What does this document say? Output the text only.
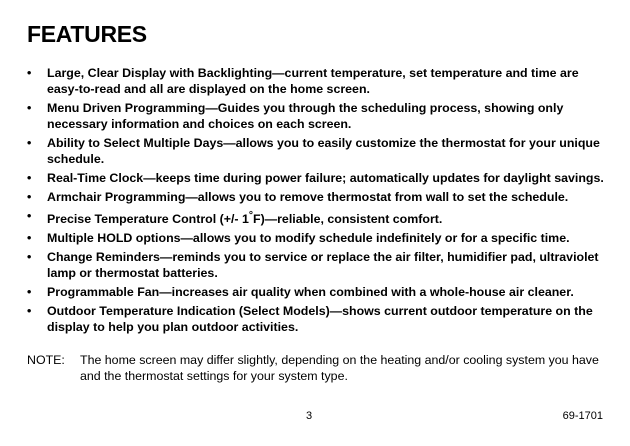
FEATURES
• Large, Clear Display with Backlighting—current temperature, set temperature and time are easy-to-read and all are displayed on the home screen.
• Menu Driven Programming—Guides you through the scheduling process, showing only necessary information and choices on each screen.
• Ability to Select Multiple Days—allows you to easily customize the thermostat for your unique schedule.
• Real-Time Clock—keeps time during power failure; automatically updates for daylight savings.
• Armchair Programming—allows you to remove thermostat from wall to set the schedule.
• Precise Temperature Control (+/- 1°F)—reliable, consistent comfort.
• Multiple HOLD options—allows you to modify schedule indefinitely or for a specific time.
• Change Reminders—reminds you to service or replace the air filter, humidifier pad, ultraviolet lamp or thermostat batteries.
• Programmable Fan—increases air quality when combined with a whole-house air cleaner.
• Outdoor Temperature Indication (Select Models)—shows current outdoor temperature on the display to help you plan outdoor activities.
NOTE:	The home screen may differ slightly, depending on the heating and/or cooling system you have and the thermostat settings for your system type.
3	69-1701
